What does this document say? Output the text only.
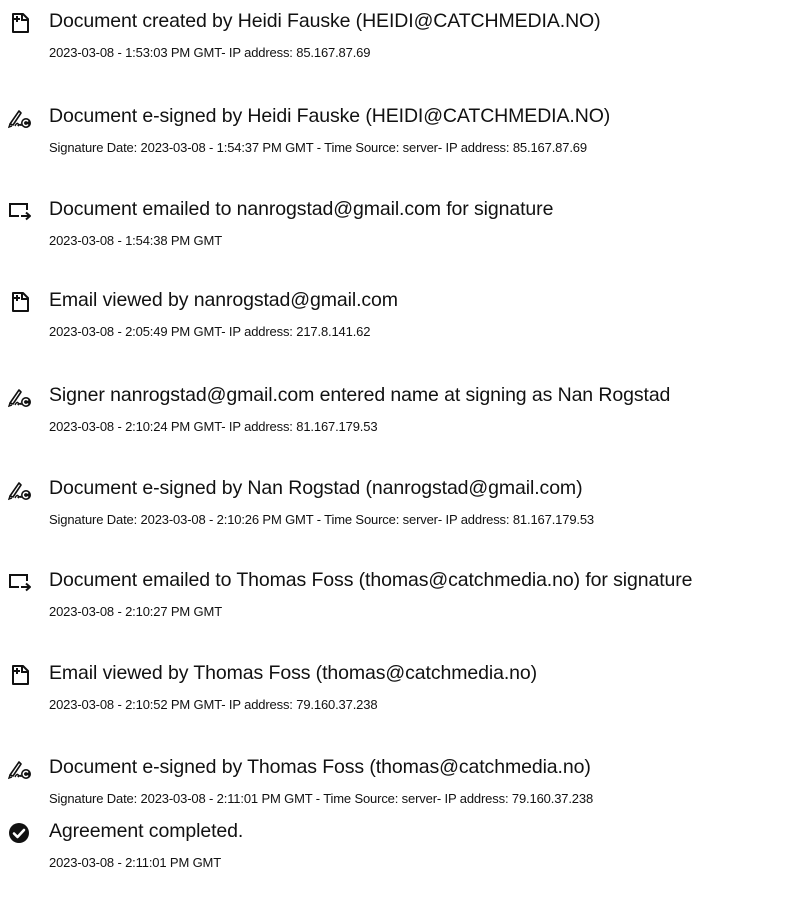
Document created by Heidi Fauske (HEIDI@CATCHMEDIA.NO)
2023-03-08 - 1:53:03 PM GMT- IP address: 85.167.87.69
Document e-signed by Heidi Fauske (HEIDI@CATCHMEDIA.NO)
Signature Date: 2023-03-08 - 1:54:37 PM GMT - Time Source: server- IP address: 85.167.87.69
Document emailed to nanrogstad@gmail.com for signature
2023-03-08 - 1:54:38 PM GMT
Email viewed by nanrogstad@gmail.com
2023-03-08 - 2:05:49 PM GMT- IP address: 217.8.141.62
Signer nanrogstad@gmail.com entered name at signing as Nan Rogstad
2023-03-08 - 2:10:24 PM GMT- IP address: 81.167.179.53
Document e-signed by Nan Rogstad (nanrogstad@gmail.com)
Signature Date: 2023-03-08 - 2:10:26 PM GMT - Time Source: server- IP address: 81.167.179.53
Document emailed to Thomas Foss (thomas@catchmedia.no) for signature
2023-03-08 - 2:10:27 PM GMT
Email viewed by Thomas Foss (thomas@catchmedia.no)
2023-03-08 - 2:10:52 PM GMT- IP address: 79.160.37.238
Document e-signed by Thomas Foss (thomas@catchmedia.no)
Signature Date: 2023-03-08 - 2:11:01 PM GMT - Time Source: server- IP address: 79.160.37.238
Agreement completed.
2023-03-08 - 2:11:01 PM GMT
